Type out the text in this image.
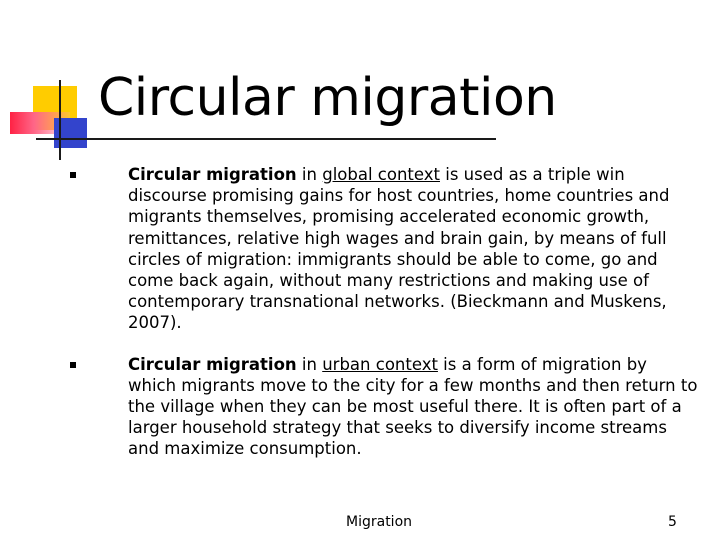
Circular migration
Circular migration in global context is used as a triple win discourse promising gains for host countries, home countries and migrants themselves, promising accelerated economic growth, remittances, relative high wages and brain gain, by means of full circles of migration: immigrants should be able to come, go and come back again, without many restrictions and making use of contemporary transnational networks. (Bieckmann and Muskens, 2007).
Circular migration in urban context is a form of migration by which migrants move to the city for a few months and then return to the village when they can be most useful there. It is often part of a larger household strategy that seeks to diversify income streams and maximize consumption.
Migration	5
